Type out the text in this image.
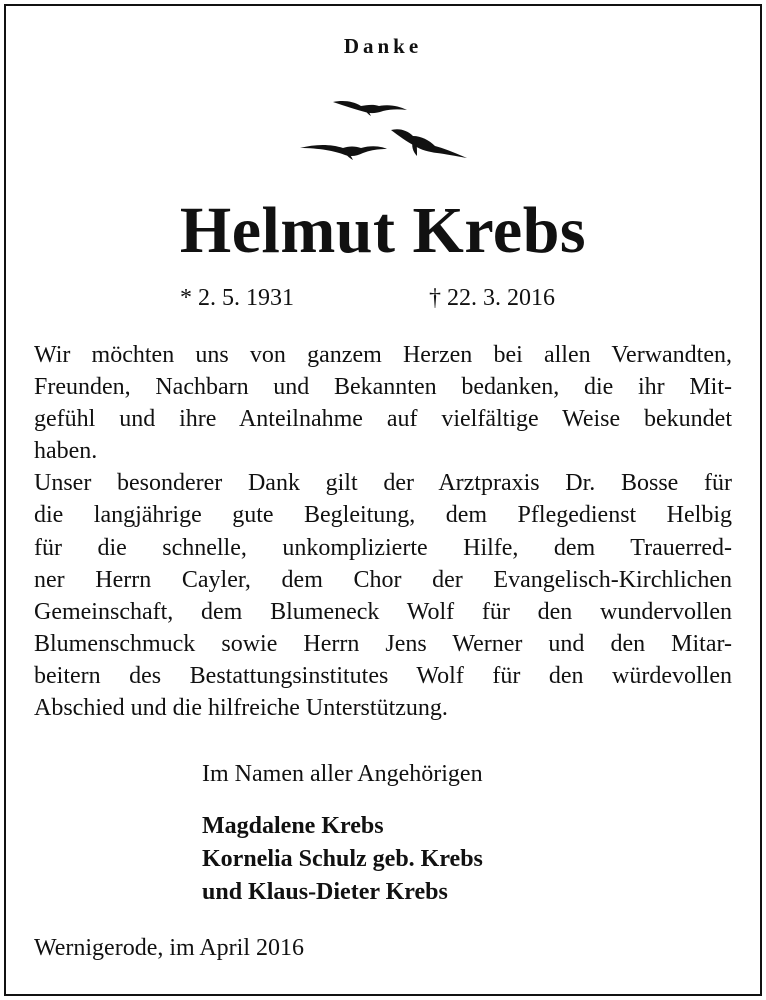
Danke
Helmut Krebs
* 2. 5. 1931	† 22. 3. 2016
Wir möchten uns von ganzem Herzen bei allen Verwandten,
Freunden, Nachbarn und Bekannten bedanken, die ihr Mit-
gefühl und ihre Anteilnahme auf vielfältige Weise bekundet
haben.
Unser besonderer Dank gilt der Arztpraxis Dr. Bosse für
die langjährige gute Begleitung, dem Pflegedienst Helbig
für die schnelle, unkomplizierte Hilfe, dem Trauerred-
ner Herrn Cayler, dem Chor der Evangelisch-Kirchlichen
Gemeinschaft, dem Blumeneck Wolf für den wundervollen
Blumenschmuck sowie Herrn Jens Werner und den Mitar-
beitern des Bestattungsinstitutes Wolf für den würdevollen
Abschied und die hilfreiche Unterstützung.
Im Namen aller Angehörigen
Magdalene Krebs
Kornelia Schulz geb. Krebs
und Klaus-Dieter Krebs
Wernigerode, im April 2016
